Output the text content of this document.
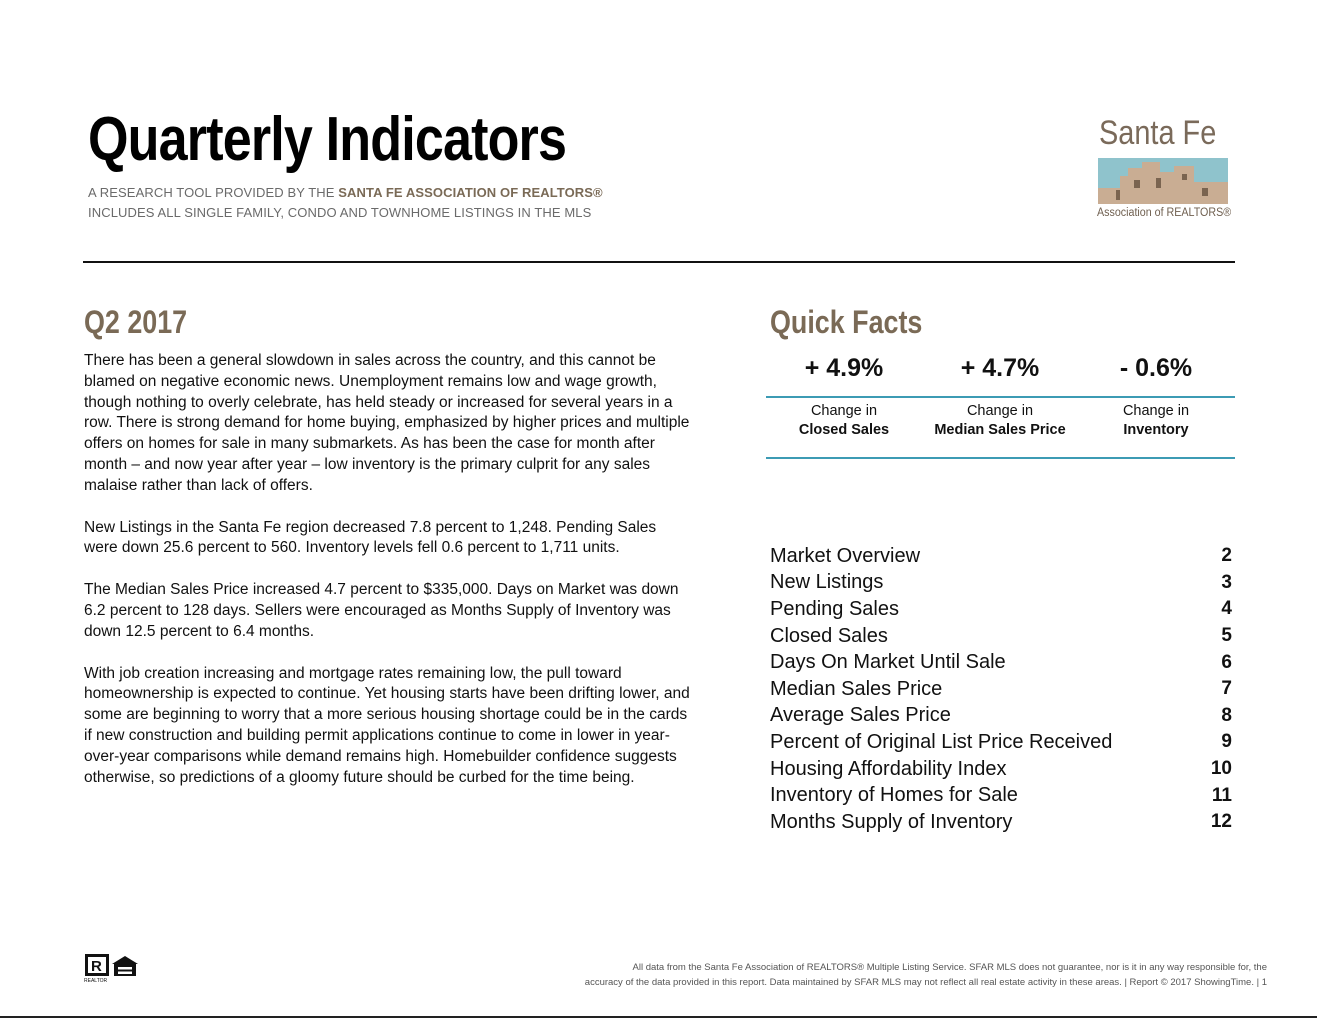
Quarterly Indicators
A RESEARCH TOOL PROVIDED BY THE SANTA FE ASSOCIATION OF REALTORS®
INCLUDES ALL SINGLE FAMILY, CONDO AND TOWNHOME LISTINGS IN THE MLS
Santa Fe
Association of REALTORS®
Q2 2017

There has been a general slowdown in sales across the country, and this cannot be blamed on negative economic news. Unemployment remains low and wage growth, though nothing to overly celebrate, has held steady or increased for several years in a row. There is strong demand for home buying, emphasized by higher prices and multiple offers on homes for sale in many submarkets. As has been the case for month after month – and now year after year – low inventory is the primary culprit for any sales malaise rather than lack of offers.

New Listings in the Santa Fe region decreased 7.8 percent to 1,248. Pending Sales were down 25.6 percent to 560. Inventory levels fell 0.6 percent to 1,711 units.

The Median Sales Price increased 4.7 percent to $335,000. Days on Market was down 6.2 percent to 128 days. Sellers were encouraged as Months Supply of Inventory was down 12.5 percent to 6.4 months.

With job creation increasing and mortgage rates remaining low, the pull toward homeownership is expected to continue. Yet housing starts have been drifting lower, and some are beginning to worry that a more serious housing shortage could be in the cards if new construction and building permit applications continue to come in lower in year-over-year comparisons while demand remains high. Homebuilder confidence suggests otherwise, so predictions of a gloomy future should be curbed for the time being.

Quick Facts
+ 4.9%	+ 4.7%	- 0.6%
Change in
Closed Sales
Change in
Median Sales Price
Change in
Inventory
Market Overview	2
New Listings	3
Pending Sales	4
Closed Sales	5
Days On Market Until Sale	6
Median Sales Price	7
Average Sales Price	8
Percent of Original List Price Received	9
Housing Affordability Index	10
Inventory of Homes for Sale	11
Months Supply of Inventory	12
R
REALTOR
All data from the Santa Fe Association of REALTORS® Multiple Listing Service. SFAR MLS does not guarantee, nor is it in any way responsible for, the
accuracy of the data provided in this report. Data maintained by SFAR MLS may not reflect all real estate activity in these areas. | Report © 2017 ShowingTime. | 1
